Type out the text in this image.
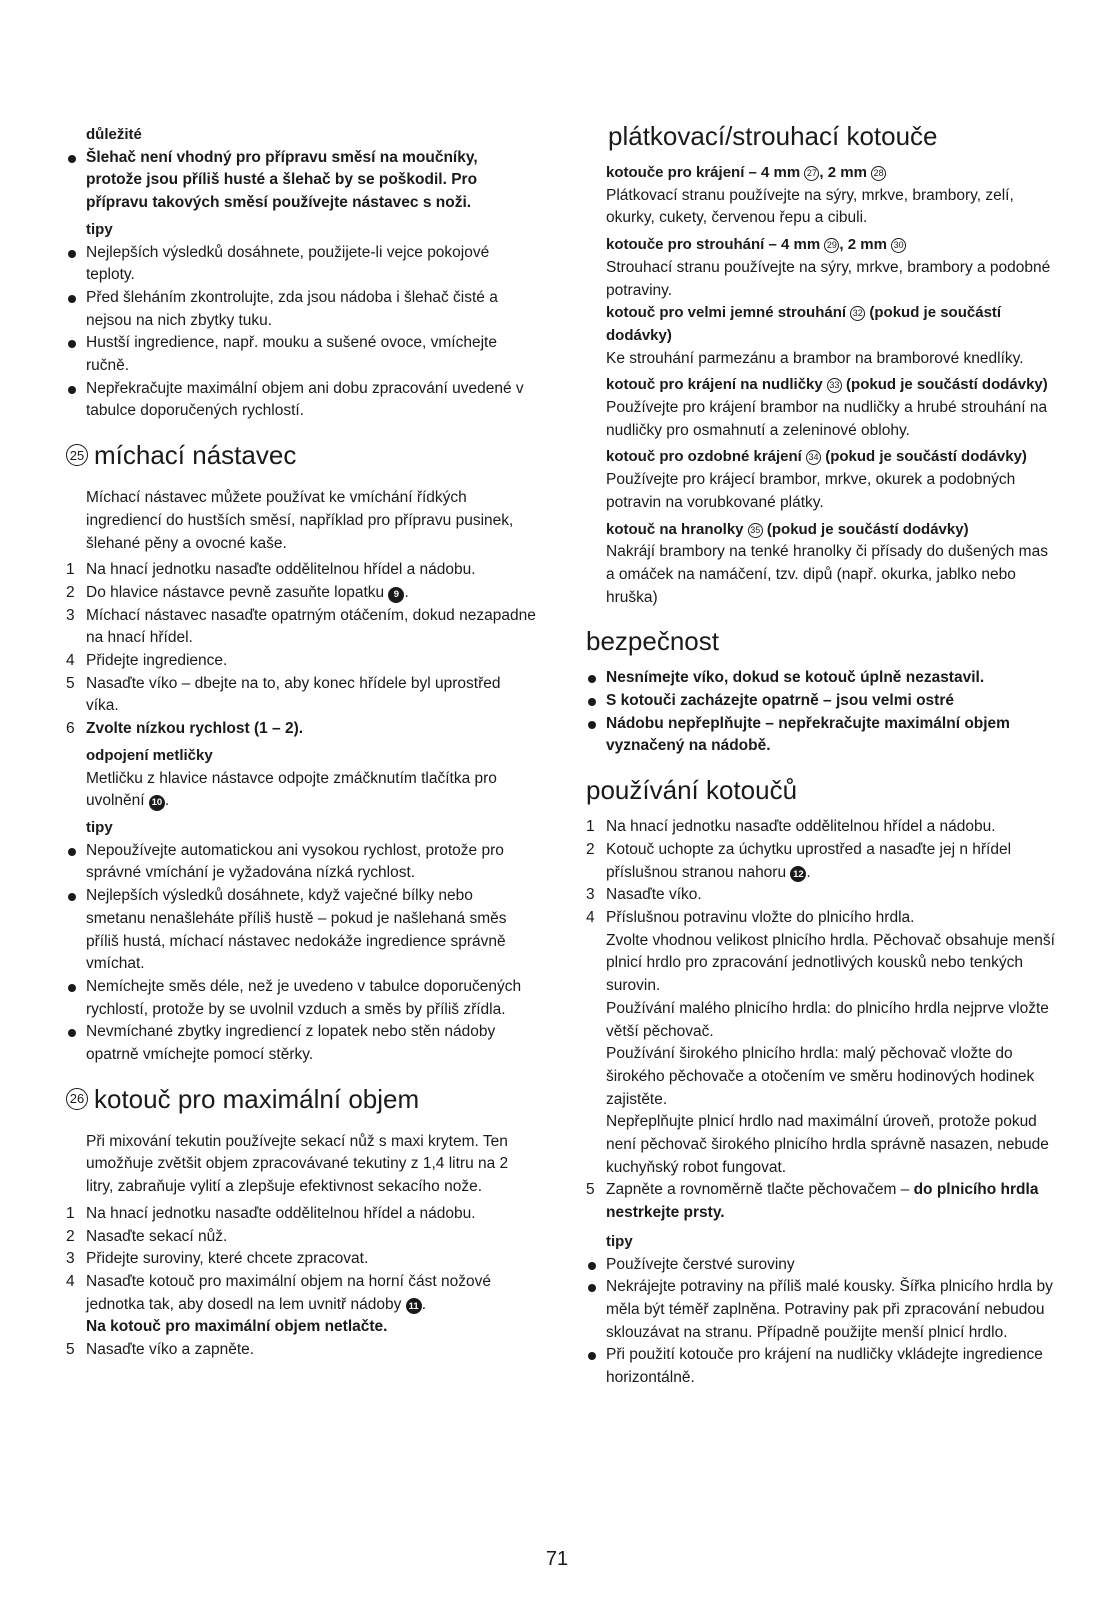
důležité
Šlehač není vhodný pro přípravu směsí na moučníky, protože jsou příliš husté a šlehač by se poškodil. Pro přípravu takových směsí používejte nástavec s noži.
tipy
Nejlepších výsledků dosáhnete, použijete-li vejce pokojové teploty.
Před šleháním zkontrolujte, zda jsou nádoba i šlehač čisté a nejsou na nich zbytky tuku.
Hustší ingredience, např. mouku a sušené ovoce, vmíchejte ručně.
Nepřekračujte maximální objem ani dobu zpracování uvedené v tabulce doporučených rychlostí.
25 míchací nástavec
Míchací nástavec můžete používat ke vmíchání řídkých ingrediencí do hustších směsí, například pro přípravu pusinek, šlehané pěny a ovocné kaše.
1 Na hnací jednotku nasaďte oddělitelnou hřídel a nádobu.
2 Do hlavice nástavce pevně zasuňte lopatku 9 .
3 Míchací nástavec nasaďte opatrným otáčením, dokud nezapadne na hnací hřídel.
4 Přidejte ingredience.
5 Nasaďte víko – dbejte na to, aby konec hřídele byl uprostřed víka.
6 Zvolte nízkou rychlost (1 – 2).
odpojení metličky
Metličku z hlavice nástavce odpojte zmáčknutím tlačítka pro uvolnění 10 .
tipy
Nepoužívejte automatickou ani vysokou rychlost, protože pro správné vmíchání je vyžadována nízká rychlost.
Nejlepších výsledků dosáhnete, když vaječné bílky nebo smetanu nenašleháte příliš hustě – pokud je našlehaná směs příliš hustá, míchací nástavec nedokáže ingredience správně vmíchat.
Nemíchejte směs déle, než je uvedeno v tabulce doporučených rychlostí, protože by se uvolnil vzduch a směs by příliš zřídla.
Nevmíchané zbytky ingrediencí z lopatek nebo stěn nádoby opatrně vmíchejte pomocí stěrky.
26 kotouč pro maximální objem
Při mixování tekutin používejte sekací nůž s maxi krytem. Ten umožňuje zvětšit objem zpracovávané tekutiny z 1,4 litru na 2 litry, zabraňuje vylití a zlepšuje efektivnost sekacího nože.
1 Na hnací jednotku nasaďte oddělitelnou hřídel a nádobu.
2 Nasaďte sekací nůž.
3 Přidejte suroviny, které chcete zpracovat.
4 Nasaďte kotouč pro maximální objem na horní část nožové jednotka tak, aby dosedl na lem uvnitř nádoby 11 .
Na kotouč pro maximální objem netlačte.
5 Nasaďte víko a zapněte.
plátkovací/strouhací kotouče
kotouče pro krájení – 4 mm 27 , 2 mm 28
Plátkovací stranu používejte na sýry, mrkve, brambory, zelí, okurky, cukety, červenou řepu a cibuli.
kotouče pro strouhání – 4 mm 29 , 2 mm 30
Strouhací stranu používejte na sýry, mrkve, brambory a podobné potraviny.
kotouč pro velmi jemné strouhání 32 (pokud je součástí dodávky)
Ke strouhání parmezánu a brambor na bramborové knedlíky.
kotouč pro krájení na nudličky 33 (pokud je součástí dodávky)
Používejte pro krájení brambor na nudličky a hrubé strouhání na nudličky pro osmahnutí a zeleninové oblohy.
kotouč pro ozdobné krájení 34 (pokud je součástí dodávky)
Používejte pro krájecí brambor, mrkve, okurek a podobných potravin na vorubkované plátky.
kotouč na hranolky 35 (pokud je součástí dodávky)
Nakrájí brambory na tenké hranolky či přísady do dušených mas a omáček na namáčení, tzv. dipů (např. okurka, jablko nebo hruška)
bezpečnost
Nesnímejte víko, dokud se kotouč úplně nezastavil.
S kotouči zacházejte opatrně – jsou velmi ostré
Nádobu nepřeplňujte – nepřekračujte maximální objem vyznačený na nádobě.
používání kotoučů
1 Na hnací jednotku nasaďte oddělitelnou hřídel a nádobu.
2 Kotouč uchopte za úchytku uprostřed a nasaďte jej n hřídel příslušnou stranou nahoru 12 .
3 Nasaďte víko.
4 Příslušnou potravinu vložte do plnicího hrdla.
Zvolte vhodnou velikost plnicího hrdla. Pěchovač obsahuje menší plnicí hrdlo pro zpracování jednotlivých kousků nebo tenkých surovin.
Používání malého plnicího hrdla: do plnicího hrdla nejprve vložte větší pěchovač.
Používání širokého plnicího hrdla: malý pěchovač vložte do širokého pěchovače a otočením ve směru hodinových hodinek zajistěte.
Nepřeplňujte plnicí hrdlo nad maximální úroveň, protože pokud není pěchovač širokého plnicího hrdla správně nasazen, nebude kuchyňský robot fungovat.
5 Zapněte a rovnoměrně tlačte pěchovačem – do plnicího hrdla nestrkejte prsty.
tipy
Používejte čerstvé suroviny
Nekrájejte potraviny na příliš malé kousky. Šířka plnicího hrdla by měla být téměř zaplněna. Potraviny pak při zpracování nebudou sklouzávat na stranu. Případně použijte menší plnicí hrdlo.
Při použití kotouče pro krájení na nudličky vkládejte ingredience horizontálně.
71
